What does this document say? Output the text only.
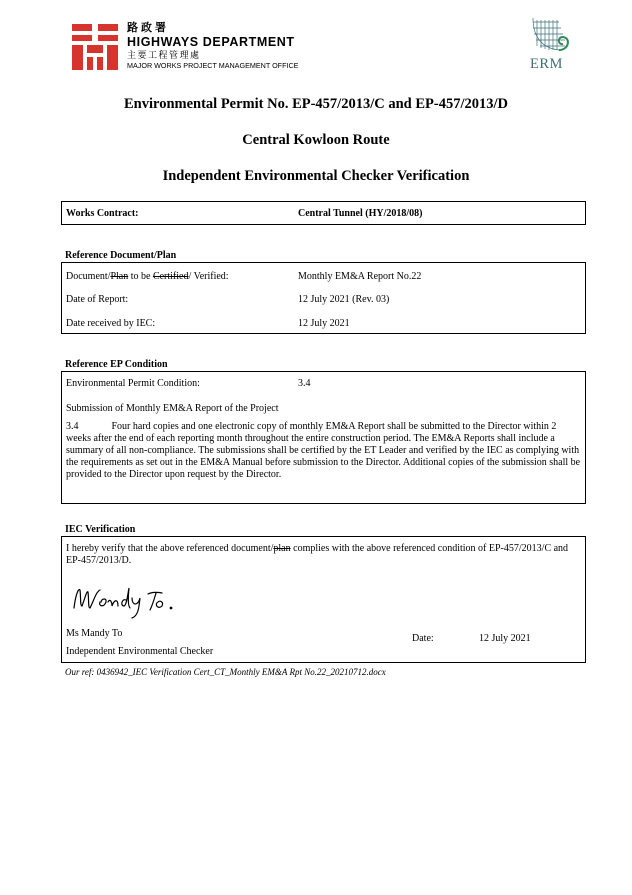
路政署
HIGHWAYS DEPARTMENT
主要工程管理處
MAJOR WORKS PROJECT MANAGEMENT OFFICE	ERM
Environmental Permit No. EP-457/2013/C and EP-457/2013/D
Central Kowloon Route
Independent Environmental Checker Verification
Works Contract:	Central Tunnel (HY/2018/08)
Reference Document/Plan
Document/Plan to be Certified/ Verified:	Monthly EM&A Report No.22
Date of Report:	12 July 2021 (Rev. 03)
Date received by IEC:	12 July 2021
Reference EP Condition
Environmental Permit Condition:	3.4
Submission of Monthly EM&A Report of the Project
3.4	Four hard copies and one electronic copy of monthly EM&A Report shall be submitted to the Director within 2 weeks after the end of each reporting month throughout the entire construction period. The EM&A Reports shall include a summary of all non-compliance. The submissions shall be certified by the ET Leader and verified by the IEC as complying with the requirements as set out in the EM&A Manual before submission to the Director. Additional copies of the submission shall be provided to the Director upon request by the Director.
IEC Verification
I hereby verify that the above referenced document/plan complies with the above referenced condition of EP-457/2013/C and EP-457/2013/D.
Ms Mandy To
Independent Environmental Checker
Date:	12 July 2021
Our ref: 0436942_IEC Verification Cert_CT_Monthly EM&A Rpt No.22_20210712.docx
